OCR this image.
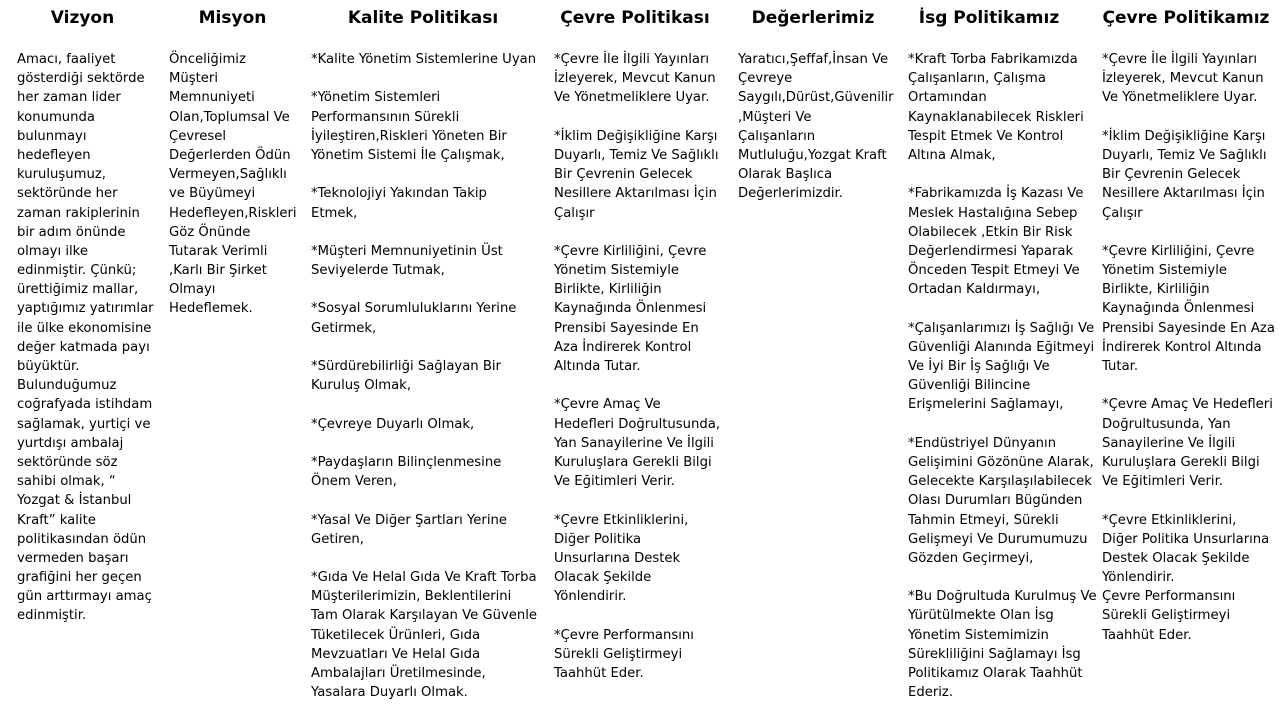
Vizyon
Amacı, faaliyet
gösterdiği sektörde
her zaman lider
konumunda
bulunmayı
hedefleyen
kuruluşumuz,
sektöründe her
zaman rakiplerinin
bir adım önünde
olmayı ilke
edinmiştir. Çünkü;
ürettiğimiz mallar,
yaptığımız yatırımlar
ile ülke ekonomisine
değer katmada payı
büyüktür.
Bulunduğumuz
coğrafyada istihdam
sağlamak, yurtiçi ve
yurtdışı ambalaj
sektöründe söz
sahibi olmak, “
Yozgat & İstanbul
Kraft” kalite
politikasından ödün
vermeden başarı
grafiğini her geçen
gün arttırmayı amaç
edinmiştir.
Misyon
Önceliğimiz
Müşteri
Memnuniyeti
Olan,Toplumsal Ve
Çevresel
Değerlerden Ödün
Vermeyen,Sağlıklı
ve Büyümeyi
Hedefleyen,Riskleri
Göz Önünde
Tutarak Verimli
,Karlı Bir Şirket
Olmayı
Hedeflemek.
Kalite Politikası
*Kalite Yönetim Sistemlerine Uyan
*Yönetim Sistemleri
Performansının Sürekli
İyileştiren,Riskleri Yöneten Bir
Yönetim Sistemi İle Çalışmak,
*Teknolojiyi Yakından Takip
Etmek,
*Müşteri Memnuniyetinin Üst
Seviyelerde Tutmak,
*Sosyal Sorumluluklarını Yerine
Getirmek,
*Sürdürebilirliği Sağlayan Bir
Kuruluş Olmak,
*Çevreye Duyarlı Olmak,
*Paydaşların Bilinçlenmesine
Önem Veren,
*Yasal Ve Diğer Şartları Yerine
Getiren,
*Gıda Ve Helal Gıda Ve Kraft Torba
Müşterilerimizin, Beklentilerini
Tam Olarak Karşılayan Ve Güvenle
Tüketilecek Ürünleri, Gıda
Mevzuatları Ve Helal Gıda
Ambalajları Üretilmesinde,
Yasalara Duyarlı Olmak.
Çevre Politikası
*Çevre İle İlgili Yayınları
İzleyerek, Mevcut Kanun
Ve Yönetmeliklere Uyar.
*İklim Değişikliğine Karşı
Duyarlı, Temiz Ve Sağlıklı
Bir Çevrenin Gelecek
Nesillere Aktarılması İçin
Çalışır
*Çevre Kirliliğini, Çevre
Yönetim Sistemiyle
Birlikte, Kirliliğin
Kaynağında Önlenmesi
Prensibi Sayesinde En
Aza İndirerek Kontrol
Altında Tutar.
*Çevre Amaç Ve
Hedefleri Doğrultusunda,
Yan Sanayilerine Ve İlgili
Kuruluşlara Gerekli Bilgi
Ve Eğitimleri Verir.
*Çevre Etkinliklerini,
Diğer Politika
Unsurlarına Destek
Olacak Şekilde
Yönlendirir.
*Çevre Performansını
Sürekli Geliştirmeyi
Taahhüt Eder.
Değerlerimiz
Yaratıcı,Şeffaf,İnsan Ve
Çevreye
Saygılı,Dürüst,Güvenilir
,Müşteri Ve
Çalışanların
Mutluluğu,Yozgat Kraft
Olarak Başlıca
Değerlerimizdir.
İsg Politikamız
*Kraft Torba Fabrikamızda
Çalışanların, Çalışma
Ortamından
Kaynaklanabilecek Riskleri
Tespit Etmek Ve Kontrol
Altına Almak,
*Fabrikamızda İş Kazası Ve
Meslek Hastalığına Sebep
Olabilecek ,Etkin Bir Risk
Değerlendirmesi Yaparak
Önceden Tespit Etmeyi Ve
Ortadan Kaldırmayı,
*Çalışanlarımızı İş Sağlığı Ve
Güvenliği Alanında Eğitmeyi
Ve İyi Bir İş Sağlığı Ve
Güvenliği Bilincine
Erişmelerini Sağlamayı,
*Endüstriyel Dünyanın
Gelişimini Gözönüne Alarak,
Gelecekte Karşılaşılabilecek
Olası Durumları Bügünden
Tahmin Etmeyi, Sürekli
Gelişmeyi Ve Durumumuzu
Gözden Geçirmeyi,
*Bu Doğrultuda Kurulmuş Ve
Yürütülmekte Olan İsg
Yönetim Sistemimizin
Sürekliliğini Sağlamayı İsg
Politikamız Olarak Taahhüt
Ederiz.
Çevre Politikamız
*Çevre İle İlgili Yayınları
İzleyerek, Mevcut Kanun
Ve Yönetmeliklere Uyar.
*İklim Değişikliğine Karşı
Duyarlı, Temiz Ve Sağlıklı
Bir Çevrenin Gelecek
Nesillere Aktarılması İçin
Çalışır
*Çevre Kirliliğini, Çevre
Yönetim Sistemiyle
Birlikte, Kirliliğin
Kaynağında Önlenmesi
Prensibi Sayesinde En Aza
İndirerek Kontrol Altında
Tutar.
*Çevre Amaç Ve Hedefleri
Doğrultusunda, Yan
Sanayilerine Ve İlgili
Kuruluşlara Gerekli Bilgi
Ve Eğitimleri Verir.
*Çevre Etkinliklerini,
Diğer Politika Unsurlarına
Destek Olacak Şekilde
Yönlendirir.
Çevre Performansını
Sürekli Geliştirmeyi
Taahhüt Eder.
